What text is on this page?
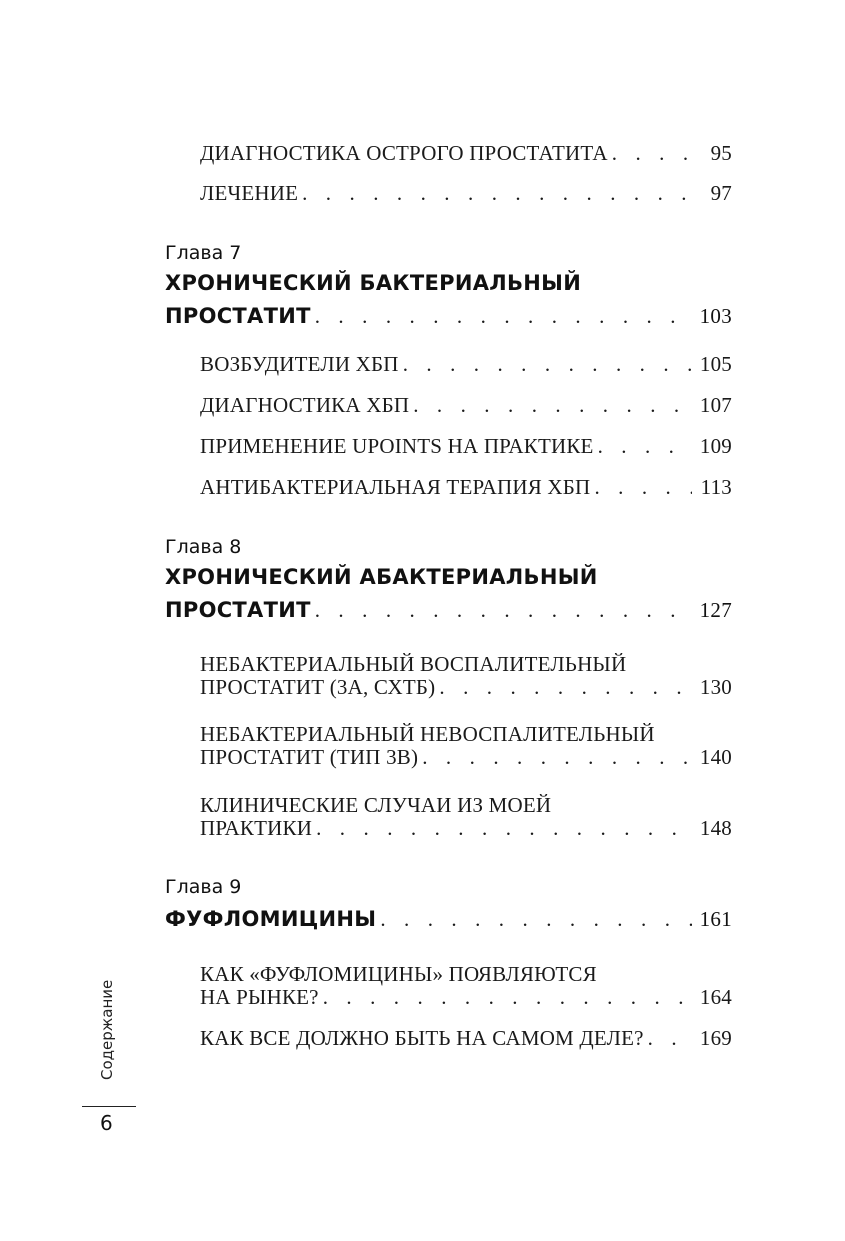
ДИАГНОСТИКА ОСТРОГО ПРОСТАТИТА . . .	95
ЛЕЧЕНИЕ . . .	97
Глава 7
ХРОНИЧЕСКИЙ БАКТЕРИАЛЬНЫЙ
ПРОСТАТИТ . . .	103
ВОЗБУДИТЕЛИ ХБП . . .	105
ДИАГНОСТИКА ХБП . . .	107
ПРИМЕНЕНИЕ UPOINTS НА ПРАКТИКЕ . . .	109
АНТИБАКТЕРИАЛЬНАЯ ТЕРАПИЯ ХБП . . .	113
Глава 8
ХРОНИЧЕСКИЙ АБАКТЕРИАЛЬНЫЙ
ПРОСТАТИТ . . .	127
НЕБАКТЕРИАЛЬНЫЙ ВОСПАЛИТЕЛЬНЫЙ
ПРОСТАТИТ (3А, СХТБ) . . .	130
НЕБАКТЕРИАЛЬНЫЙ НЕВОСПАЛИТЕЛЬНЫЙ
ПРОСТАТИТ (ТИП 3В) . . .	140
КЛИНИЧЕСКИЕ СЛУЧАИ ИЗ МОЕЙ
ПРАКТИКИ . . .	148
Глава 9
ФУФЛОМИЦИНЫ . . .	161
КАК «ФУФЛОМИЦИНЫ» ПОЯВЛЯЮТСЯ
НА РЫНКЕ? . . .	164
КАК ВСЕ ДОЛЖНО БЫТЬ НА САМОМ ДЕЛЕ? . . .	169
Содержание
6
